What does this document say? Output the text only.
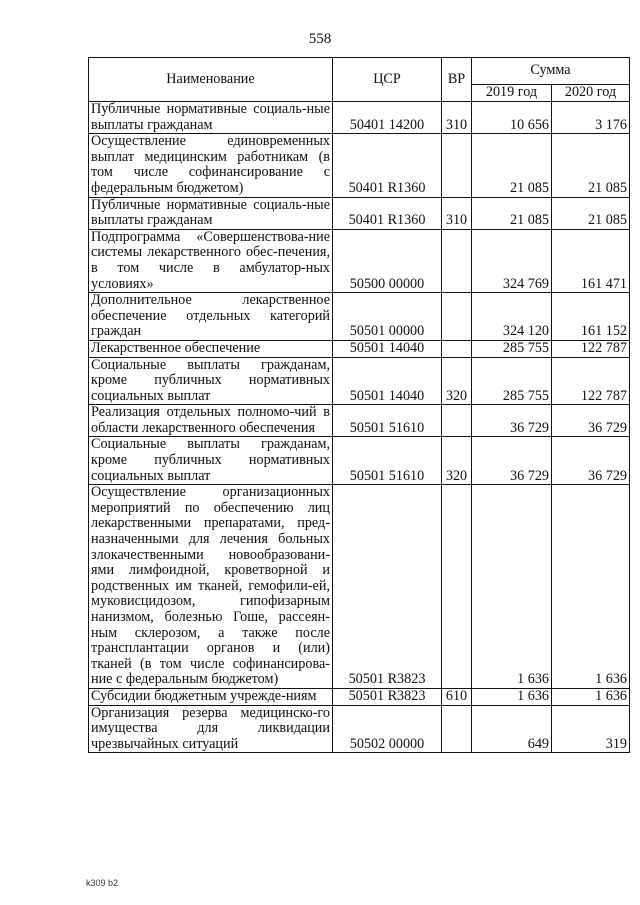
558
Наименование	ЦСР	ВР	Сумма	
			2019 год	2020 год
Публичные нормативные социаль-ные выплаты гражданам	50401 14200	310	10 656	3 176
Осуществление единовременных выплат медицинским работникам (в том числе софинансирование с федеральным бюджетом)	50401 R1360		21 085	21 085
Публичные нормативные социаль-ные выплаты гражданам	50401 R1360	310	21 085	21 085
Подпрограмма «Совершенствова-ние системы лекарственного обес-печения, в том числе в амбулатор-ных условиях»	50500 00000		324 769	161 471
Дополнительное лекарственное обеспечение отдельных категорий граждан	50501 00000		324 120	161 152
Лекарственное обеспечение	50501 14040		285 755	122 787
Социальные выплаты гражданам, кроме публичных нормативных социальных выплат	50501 14040	320	285 755	122 787
Реализация отдельных полномо-чий в области лекарственного обеспечения	50501 51610		36 729	36 729
Социальные выплаты гражданам, кроме публичных нормативных социальных выплат	50501 51610	320	36 729	36 729
Осуществление организационных мероприятий по обеспечению лиц лекарственными препаратами, пред-назначенными для лечения больных злокачественными новообразовани-ями лимфоидной, кроветворной и родственных им тканей, гемофили-ей, муковисцидозом, гипофизарным нанизмом, болезнью Гоше, рассеян-ным склерозом, а также после трансплантации органов и (или) тканей (в том числе софинансирова-ние с федеральным бюджетом)	50501 R3823		1 636	1 636
Субсидии бюджетным учрежде-ниям	50501 R3823	610	1 636	1 636
Организация резерва медицинско-го имущества для ликвидации чрезвычайных ситуаций	50502 00000		649	319
k309 b2
